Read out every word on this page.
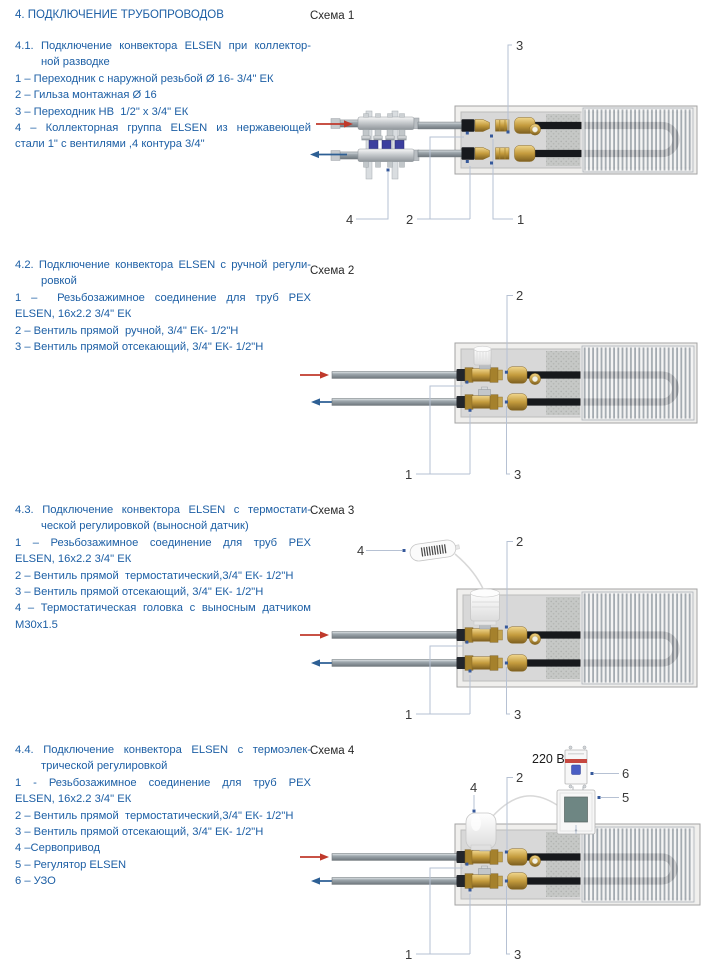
4. ПОДКЛЮЧЕНИЕ ТРУБОПРОВОДОВ
4.1. Подключение конвектора ELSEN при коллектор-
ной разводке
1 – Переходник с наружной резьбой Ø 16- 3/4" ЕК
2 – Гильза монтажная Ø 16
3 – Переходник НВ  1/2" х 3/4" ЕК
4 – Коллекторная группа ELSEN из нержавеющей
стали 1" с вентилями ,4 контура 3/4"
4.2. Подключение конвектора ELSEN с ручной регули-
ровкой
1 –  Резьбозажимное соединение для труб PEX
ELSEN, 16х2.2 3/4" ЕК
2 – Вентиль прямой  ручной, 3/4" ЕК- 1/2"Н
3 – Вентиль прямой отсекающий, 3/4" ЕК- 1/2"Н
4.3. Подключение конвектора ELSEN с термостати-
ческой регулировкой (выносной датчик)
1 – Резьбозажимное соединение для труб PEX
ELSEN, 16х2.2 3/4" ЕК
2 – Вентиль прямой  термостатический,3/4" ЕК- 1/2"Н
3 – Вентиль прямой отсекающий, 3/4" ЕК- 1/2"Н
4 – Термостатическая головка с выносным датчиком
М30х1.5
4.4. Подключение конвектора ELSEN с термоэлек-
трической регулировкой
1 - Резьбозажимное соединение для труб PEX
ELSEN, 16х2.2 3/4" ЕК
2 – Вентиль прямой  термостатический,3/4" ЕК- 1/2"Н
3 – Вентиль прямой отсекающий, 3/4" ЕК- 1/2"Н
4 –Сервопривод
5 – Регулятор ELSEN
6 – УЗО
Схема 1
3
4	2	1
Схема 2
2
1	3
Схема 3
2
4
1	3
Схема 4
220 В
2
4
6
5
1	3
